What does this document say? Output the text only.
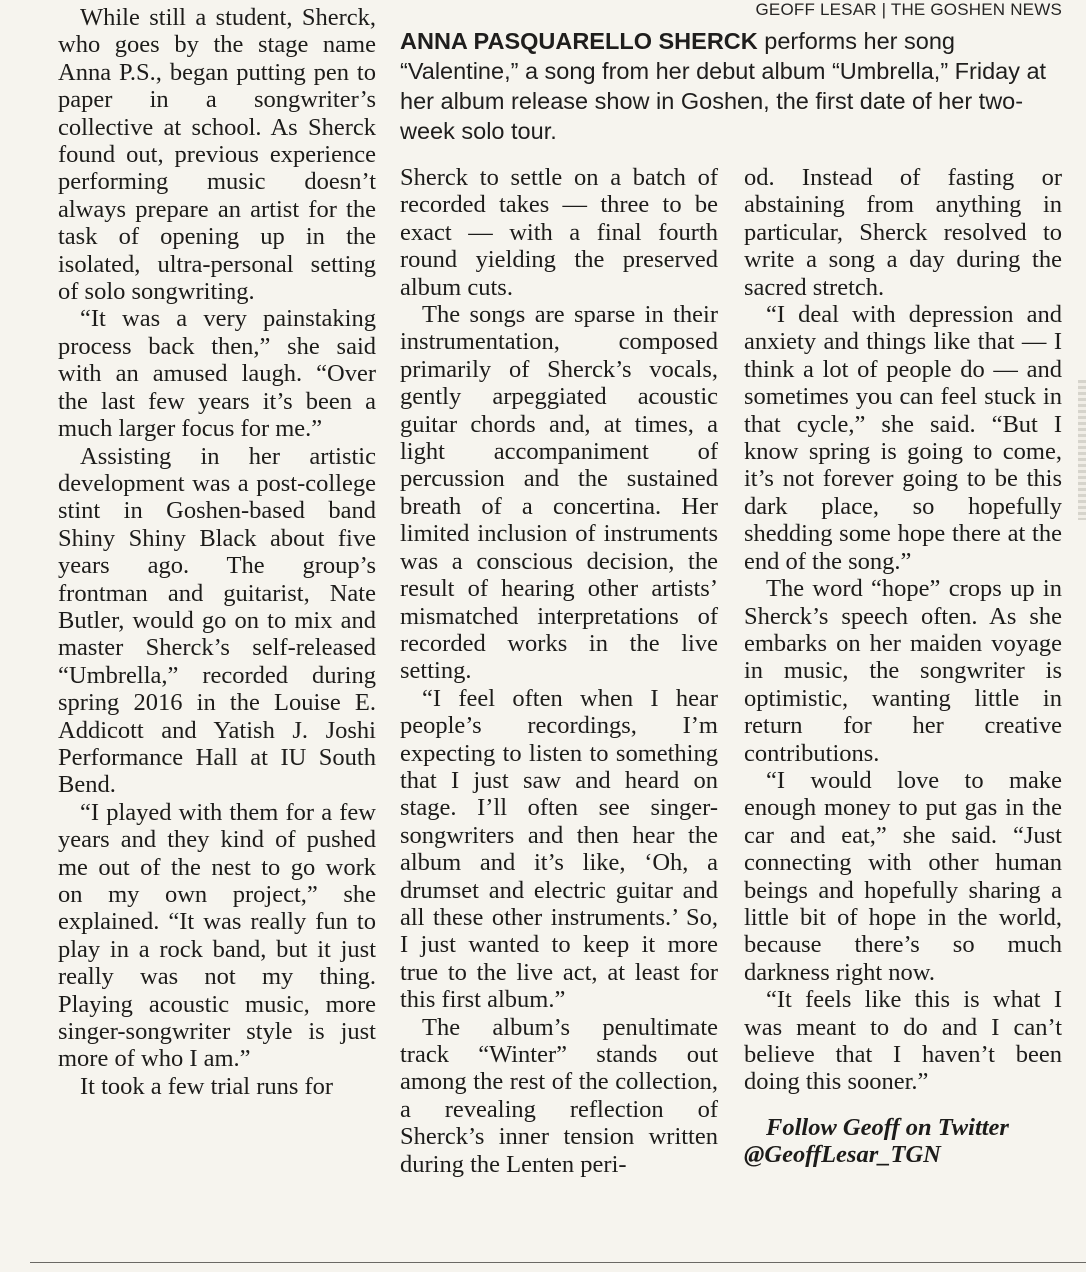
GEOFF LESAR | THE GOSHEN NEWS
ANNA PASQUARELLO SHERCK performs her song “Valentine,” a song from her debut album “Umbrella,” Friday at her album release show in Goshen, the first date of her two-week solo tour.

While still a student, Sherck, who goes by the stage name Anna P.S., began putting pen to paper in a songwriter’s collective at school. As Sherck found out, previous experience performing music doesn’t always prepare an artist for the task of opening up in the isolated, ultra-personal setting of solo songwriting.

“It was a very painstaking process back then,” she said with an amused laugh. “Over the last few years it’s been a much larger focus for me.”

Assisting in her artistic development was a post-college stint in Goshen-based band Shiny Shiny Black about five years ago. The group’s frontman and guitarist, Nate Butler, would go on to mix and master Sherck’s self-released “Umbrella,” recorded during spring 2016 in the Louise E. Addicott and Yatish J. Joshi Performance Hall at IU South Bend.

“I played with them for a few years and they kind of pushed me out of the nest to go work on my own project,” she explained. “It was really fun to play in a rock band, but it just really was not my thing. Playing acoustic music, more singer-songwriter style is just more of who I am.”

It took a few trial runs for

Sherck to settle on a batch of recorded takes — three to be exact — with a final fourth round yielding the preserved album cuts.

The songs are sparse in their instrumentation, composed primarily of Sherck’s vocals, gently arpeggiated acoustic guitar chords and, at times, a light accompaniment of percussion and the sustained breath of a concertina. Her limited inclusion of instruments was a conscious decision, the result of hearing other artists’ mismatched interpretations of recorded works in the live setting.

“I feel often when I hear people’s recordings, I’m expecting to listen to something that I just saw and heard on stage. I’ll often see singer-songwriters and then hear the album and it’s like, ‘Oh, a drumset and electric guitar and all these other instruments.’ So, I just wanted to keep it more true to the live act, at least for this first album.”

The album’s penultimate track “Winter” stands out among the rest of the collection, a revealing reflection of Sherck’s inner tension written during the Lenten peri-

od. Instead of fasting or abstaining from anything in particular, Sherck resolved to write a song a day during the sacred stretch.

“I deal with depression and anxiety and things like that — I think a lot of people do — and sometimes you can feel stuck in that cycle,” she said. “But I know spring is going to come, it’s not forever going to be this dark place, so hopefully shedding some hope there at the end of the song.”

The word “hope” crops up in Sherck’s speech often. As she embarks on her maiden voyage in music, the songwriter is optimistic, wanting little in return for her creative contributions.

“I would love to make enough money to put gas in the car and eat,” she said. “Just connecting with other human beings and hopefully sharing a little bit of hope in the world, because there’s so much darkness right now.

“It feels like this is what I was meant to do and I can’t believe that I haven’t been doing this sooner.”

Follow Geoff on Twitter

@GeoffLesar_TGN
